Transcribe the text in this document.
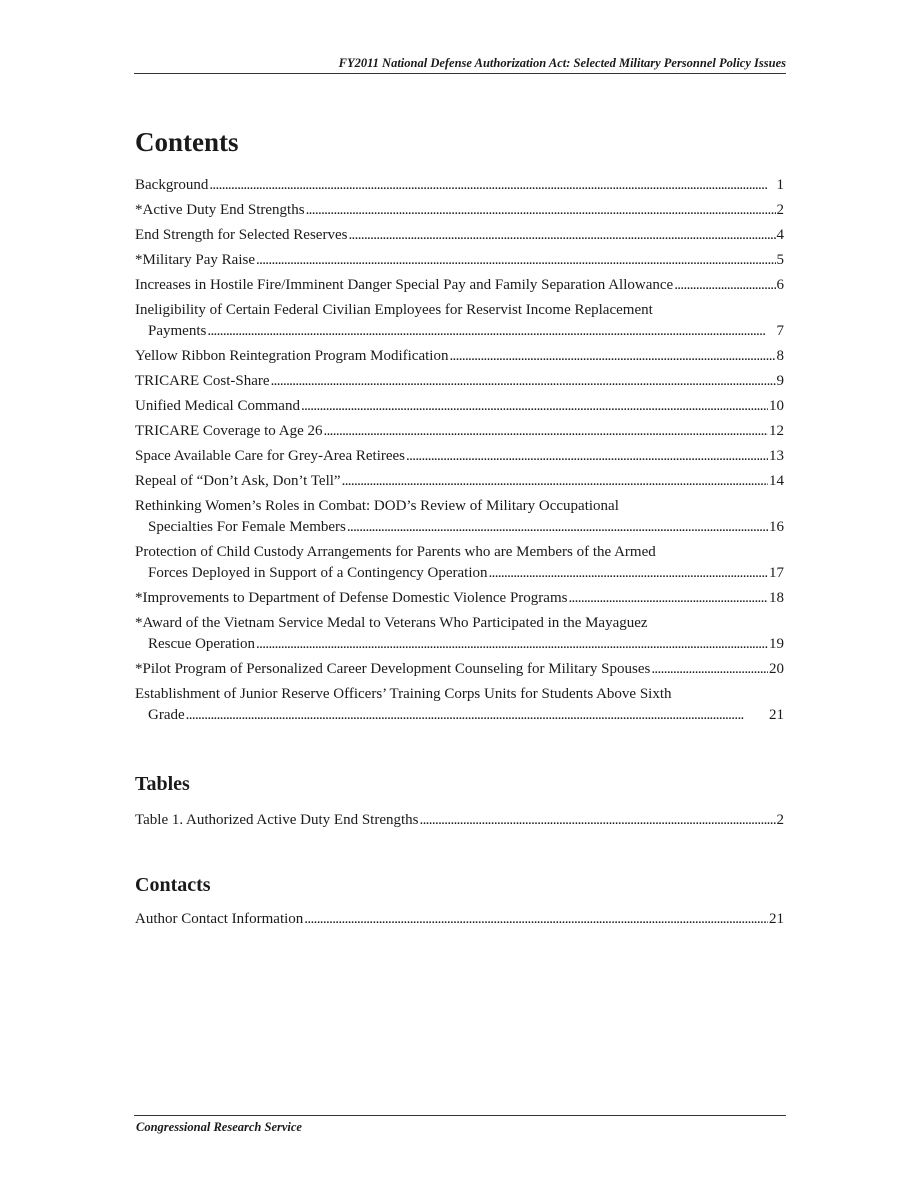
FY2011 National Defense Authorization Act: Selected Military Personnel Policy Issues
Contents
Background . . .	1
*Active Duty End Strengths . . .	2
End Strength for Selected Reserves . . .	4
*Military Pay Raise . . .	5
Increases in Hostile Fire/Imminent Danger Special Pay and Family Separation Allowance . . .	6
Ineligibility of Certain Federal Civilian Employees for Reservist Income Replacement
Payments . . .	7
Yellow Ribbon Reintegration Program Modification . . .	8
TRICARE Cost-Share . . .	9
Unified Medical Command . . .	10
TRICARE Coverage to Age 26 . . .	12
Space Available Care for Grey-Area Retirees . . .	13
Repeal of “Don’t Ask, Don’t Tell” . . .	14
Rethinking Women’s Roles in Combat: DOD’s Review of Military Occupational
Specialties For Female Members . . .	16
Protection of Child Custody Arrangements for Parents who are Members of the Armed
Forces Deployed in Support of a Contingency Operation . . .	17
*Improvements to Department of Defense Domestic Violence Programs . . .	18
*Award of the Vietnam Service Medal to Veterans Who Participated in the Mayaguez
Rescue Operation . . .	19
*Pilot Program of Personalized Career Development Counseling for Military Spouses . . .	20
Establishment of Junior Reserve Officers’ Training Corps Units for Students Above Sixth
Grade . . .	21
Tables
Table 1. Authorized Active Duty End Strengths . . .	2
Contacts
Author Contact Information . . .	21
Congressional Research Service
